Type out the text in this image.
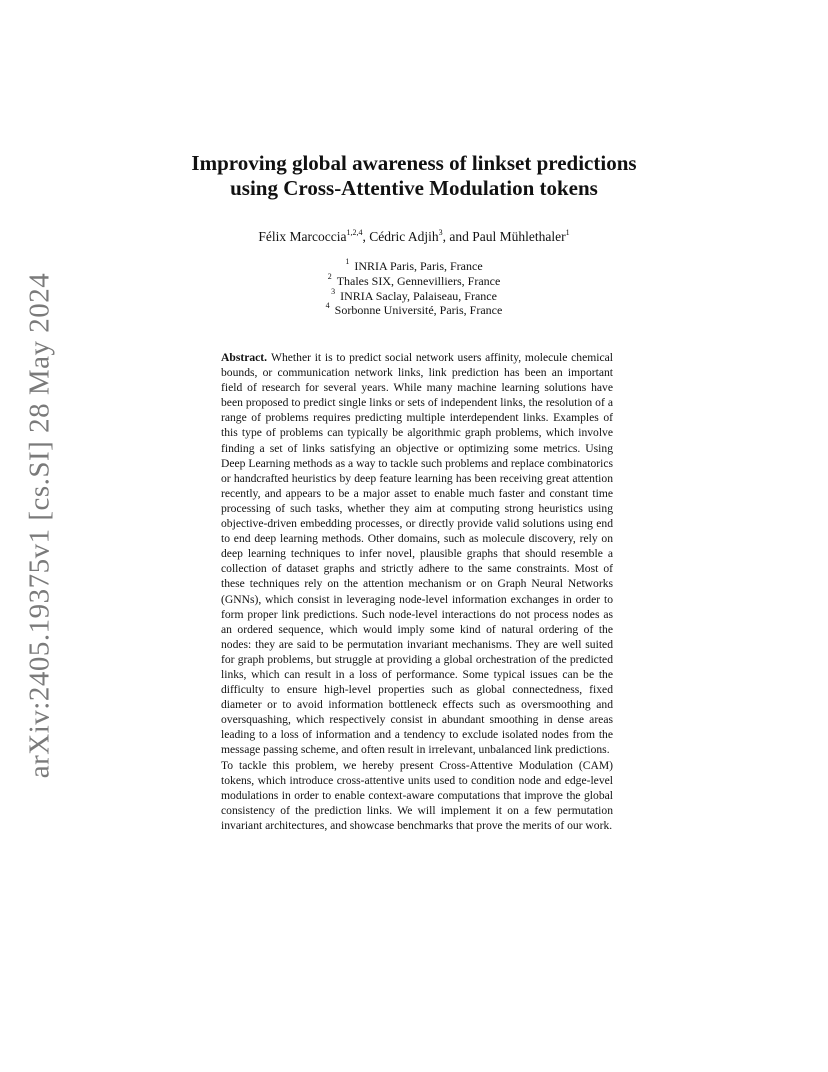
arXiv:2405.19375v1 [cs.SI] 28 May 2024
Improving global awareness of linkset predictions
using Cross-Attentive Modulation tokens
Félix Marcoccia$^{1,2,4}$, Cédric Adjih$^3$, and Paul Mühlethaler$^1$
$^1$ INRIA Paris, Paris, France
$^2$ Thales SIX, Gennevilliers, France
$^3$ INRIA Saclay, Palaiseau, France
$^4$ Sorbonne Université, Paris, France

Abstract. Whether it is to predict social network users affinity, molecule chemical bounds, or communication network links, link prediction has been an important field of research for several years. While many machine learning solutions have been proposed to predict single links or sets of independent links, the resolution of a range of problems requires predicting multiple interdependent links. Examples of this type of problems can typically be algorithmic graph problems, which involve finding a set of links satisfying an objective or optimizing some metrics. Using Deep Learning methods as a way to tackle such problems and replace combinatorics or handcrafted heuristics by deep feature learning has been receiving great attention recently, and appears to be a major asset to enable much faster and constant time processing of such tasks, whether they aim at computing strong heuristics using objective-driven embedding processes, or directly provide valid solutions using end to end deep learning methods. Other domains, such as molecule discovery, rely on deep learning techniques to infer novel, plausible graphs that should resemble a collection of dataset graphs and strictly adhere to the same constraints. Most of these techniques rely on the attention mechanism or on Graph Neural Networks (GNNs), which consist in leveraging node-level information exchanges in order to form proper link predictions. Such node-level interactions do not process nodes as an ordered sequence, which would imply some kind of natural ordering of the nodes: they are said to be permutation invariant mechanisms. They are well suited for graph problems, but struggle at providing a global orchestration of the predicted links, which can result in a loss of performance. Some typical issues can be the difficulty to ensure high-level properties such as global connectedness, fixed diameter or to avoid information bottleneck effects such as oversmoothing and oversquashing, which respectively consist in abundant smoothing in dense areas leading to a loss of information and a tendency to exclude isolated nodes from the message passing scheme, and often result in irrelevant, unbalanced link predictions.

To tackle this problem, we hereby present Cross-Attentive Modulation (CAM) tokens, which introduce cross-attentive units used to condition node and edge-level modulations in order to enable context-aware computations that improve the global consistency of the prediction links. We will implement it on a few permutation invariant architectures, and showcase benchmarks that prove the merits of our work.
